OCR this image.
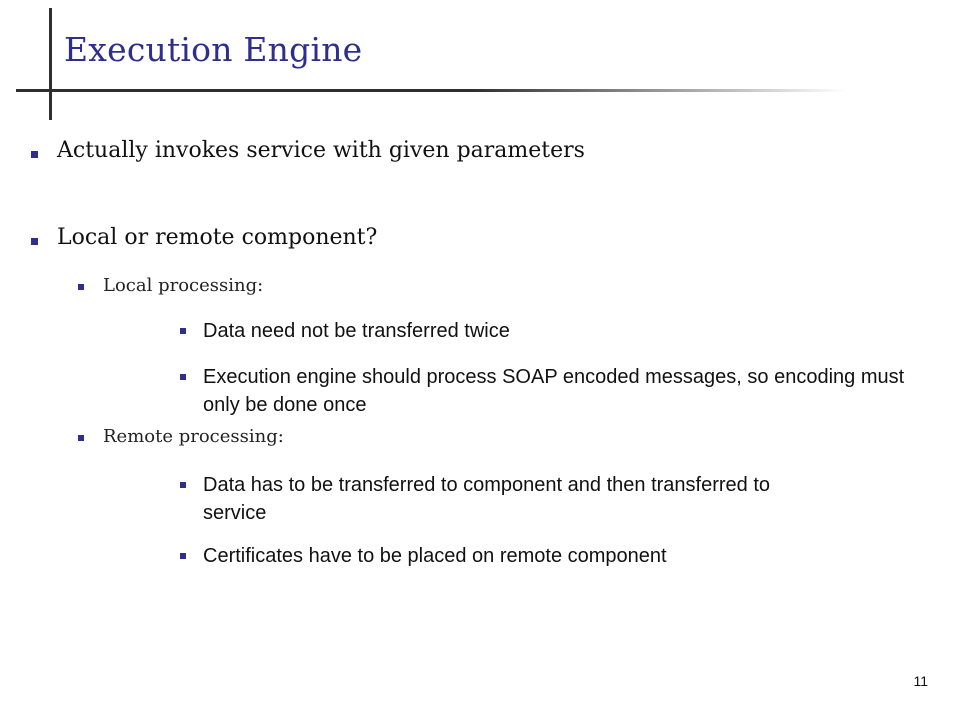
Execution Engine
Actually invokes service with given parameters
Local or remote component?
Local processing:
Data need not be transferred twice
Execution engine should process SOAP encoded messages, so encoding must only be done once
Remote processing:
Data has to be transferred to component and then transferred to service
Certificates have to be placed on remote component
11
